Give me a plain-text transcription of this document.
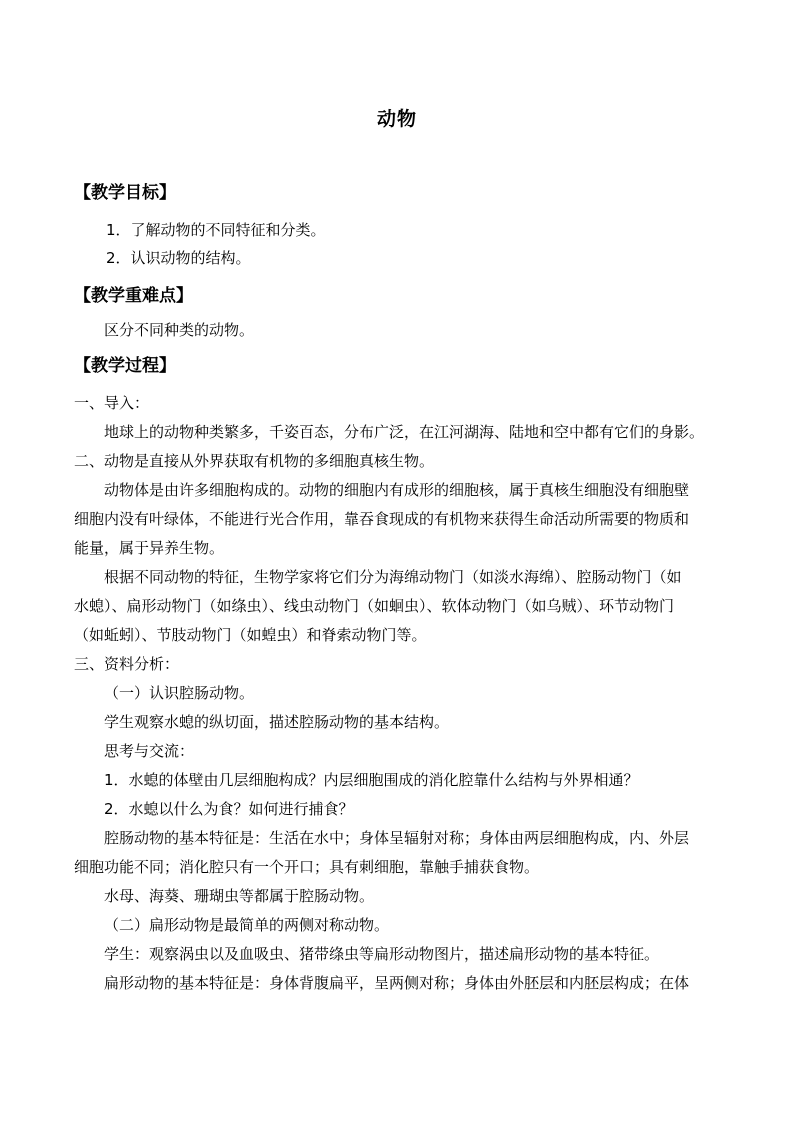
动物
【教学目标】
1．了解动物的不同特征和分类。
2．认识动物的结构。
【教学重难点】
区分不同种类的动物。
【教学过程】
一、导入：
地球上的动物种类繁多，千姿百态，分布广泛，在江河湖海、陆地和空中都有它们的身影。
二、动物是直接从外界获取有机物的多细胞真核生物。
动物体是由许多细胞构成的。动物的细胞内有成形的细胞核，属于真核生细胞没有细胞壁
细胞内没有叶绿体，不能进行光合作用，靠吞食现成的有机物来获得生命活动所需要的物质和
能量，属于异养生物。
根据不同动物的特征，生物学家将它们分为海绵动物门（如淡水海绵）、腔肠动物门（如
水螅）、扁形动物门（如绦虫）、线虫动物门（如蛔虫）、软体动物门（如乌贼）、环节动物门
（如蚯蚓）、节肢动物门（如蝗虫）和脊索动物门等。
三、资料分析：
（一）认识腔肠动物。
学生观察水螅的纵切面，描述腔肠动物的基本结构。
思考与交流：
1．水螅的体壁由几层细胞构成？内层细胞围成的消化腔靠什么结构与外界相通？
2．水螅以什么为食？如何进行捕食？
腔肠动物的基本特征是：生活在水中；身体呈辐射对称；身体由两层细胞构成，内、外层
细胞功能不同；消化腔只有一个开口；具有刺细胞，靠触手捕获食物。
水母、海葵、珊瑚虫等都属于腔肠动物。
（二）扁形动物是最简单的两侧对称动物。
学生：观察涡虫以及血吸虫、猪带绦虫等扁形动物图片，描述扁形动物的基本特征。
扁形动物的基本特征是：身体背腹扁平，呈两侧对称；身体由外胚层和内胚层构成；在体
